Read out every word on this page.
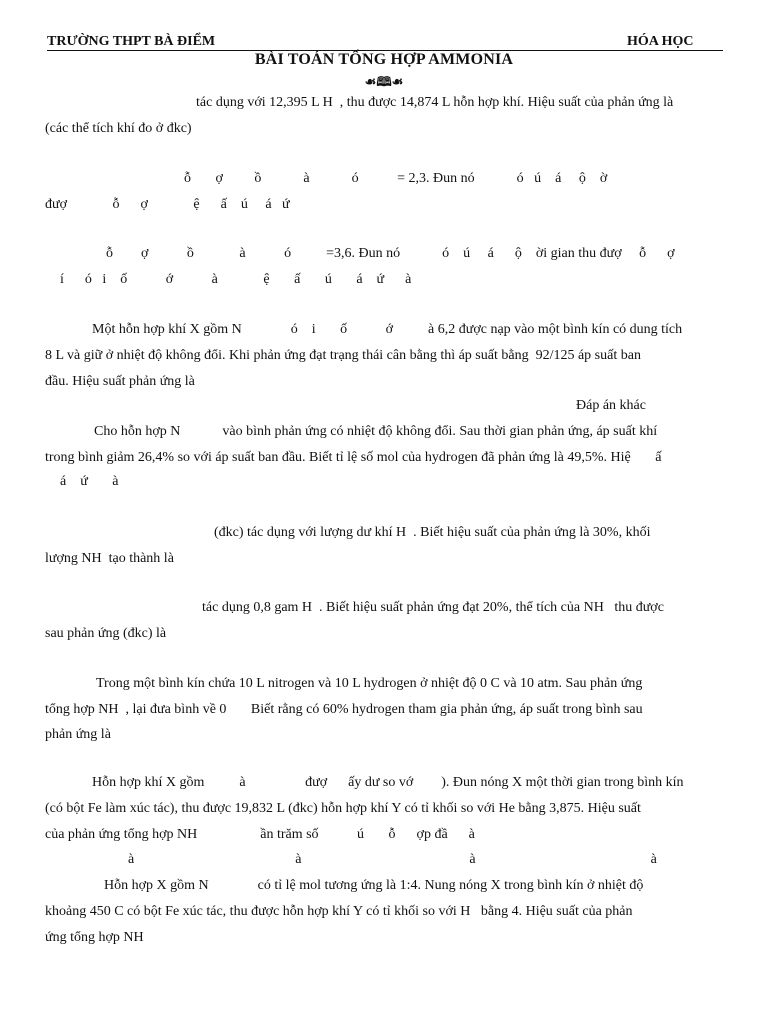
TRƯỜNG THPT BÀ ĐIỂM	HÓA HỌC
BÀI TOÁN TỔNG HỢP AMMONIA
☙🕮☙
tác dụng với 12,395 L H  , thu được 14,874 L hỗn hợp khí. Hiệu suất của phản ứng là
(các thể tích khí đo ở đkc)
ỗ       ợ         ồ            à            ó           = 2,3. Đun nó            ó   ú    á     ộ    ờ
đượ             ỗ      ợ             ệ      ấ    ú     á   ứ
ỗ        ợ           ồ             à           ó          =3,6. Đun nó            ó    ú     á      ộ    ời gian thu đượ     ỗ      ợ
í      ó   i    ố           ớ           à             ệ       ấ       ú       á    ứ      à
Một hỗn hợp khí X gồm N              ó    i       ố           ớ          à 6,2 được nạp vào một bình kín có dung tích
8 L và giữ ở nhiệt độ không đổi. Khi phản ứng đạt trạng thái cân bằng thì áp suất bằng  92/125 áp suất ban
đầu. Hiệu suất phản ứng là
Đáp án khác
Cho hỗn hợp N            vào bình phản ứng có nhiệt độ không đổi. Sau thời gian phản ứng, áp suất khí
trong bình giảm 26,4% so với áp suất ban đầu. Biết tỉ lệ số mol của hydrogen đã phản ứng là 49,5%. Hiệ       ấ
á    ứ       à
(đkc) tác dụng với lượng dư khí H  . Biết hiệu suất của phản ứng là 30%, khối
lượng NH  tạo thành là
tác dụng 0,8 gam H  . Biết hiệu suất phản ứng đạt 20%, thể tích của NH   thu được
sau phản ứng (đkc) là
Trong một bình kín chứa 10 L nitrogen và 10 L hydrogen ở nhiệt độ 0 C và 10 atm. Sau phản ứng
tổng hợp NH  , lại đưa bình về 0       Biết rằng có 60% hydrogen tham gia phản ứng, áp suất trong bình sau
phản ứng là
Hỗn hợp khí X gồm          à                 đượ      ấy dư so vớ        ). Đun nóng X một thời gian trong bình kín
(có bột Fe làm xúc tác), thu được 19,832 L (đkc) hỗn hợp khí Y có tỉ khối so với He bằng 3,875. Hiệu suất
của phản ứng tổng hợp NH                  ần trăm số           ú       ỗ      ợp đầ      à
à                                              à                                                à                                                  à
Hỗn hợp X gồm N              có tỉ lệ mol tương ứng là 1:4. Nung nóng X trong bình kín ở nhiệt độ
khoảng 450 C có bột Fe xúc tác, thu được hỗn hợp khí Y có tỉ khối so với H   bằng 4. Hiệu suất của phản
ứng tổng hợp NH
